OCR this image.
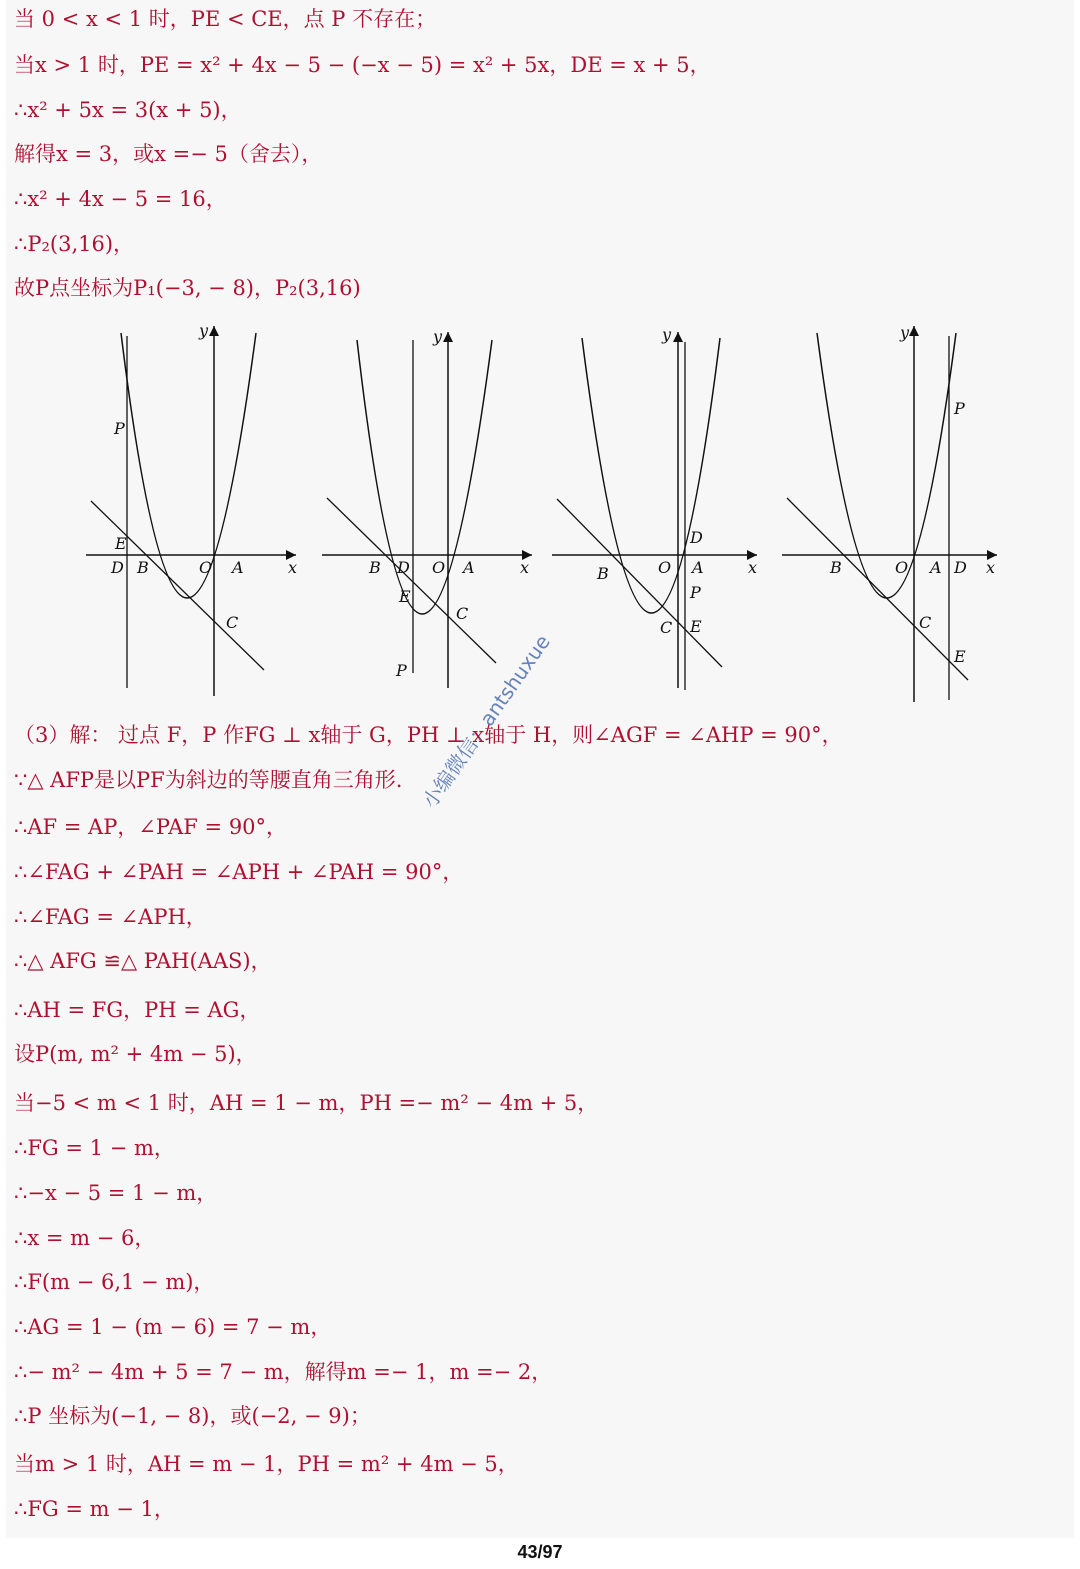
当 0 < x < 1 时，PE < CE，点 P 不存在；
当x > 1 时，PE = x² + 4x − 5 − (−x − 5) = x² + 5x，DE = x + 5，
∴x² + 5x = 3(x + 5)，
解得x = 3，或x =− 5（舍去），
∴x² + 4x − 5 = 16，
∴P₂(3,16)，
故P点坐标为P₁(−3, − 8)，P₂(3,16)
y
x
P
E
D B	O A
C
y
x
B D O A
E
C
P
y
x
D
B	O A
P
C E
y
x
P
B	O A D
C
E
（3）解： 过点 F，P 作FG ⊥ x轴于 G，PH ⊥ x轴于 H，则∠AGF = ∠AHP = 90°，
∵△ AFP是以PF为斜边的等腰直角三角形.
∴AF = AP，∠PAF = 90°，
∴∠FAG + ∠PAH = ∠APH + ∠PAH = 90°，
∴∠FAG = ∠APH，
∴△ AFG ≌△ PAH(AAS)，
∴AH = FG，PH = AG，
设P(m, m² + 4m − 5)，
当−5 < m < 1 时，AH = 1 − m，PH =− m² − 4m + 5，
∴FG = 1 − m，
∴−x − 5 = 1 − m，
∴x = m − 6，
∴F(m − 6,1 − m)，
∴AG = 1 − (m − 6) = 7 − m，
∴− m² − 4m + 5 = 7 − m，解得m =− 1，m =− 2，
∴P 坐标为(−1, − 8)，或(−2, − 9)；
当m > 1 时，AH = m − 1，PH = m² + 4m − 5，
∴FG = m − 1，
小编微信：antshuxue
43/97
